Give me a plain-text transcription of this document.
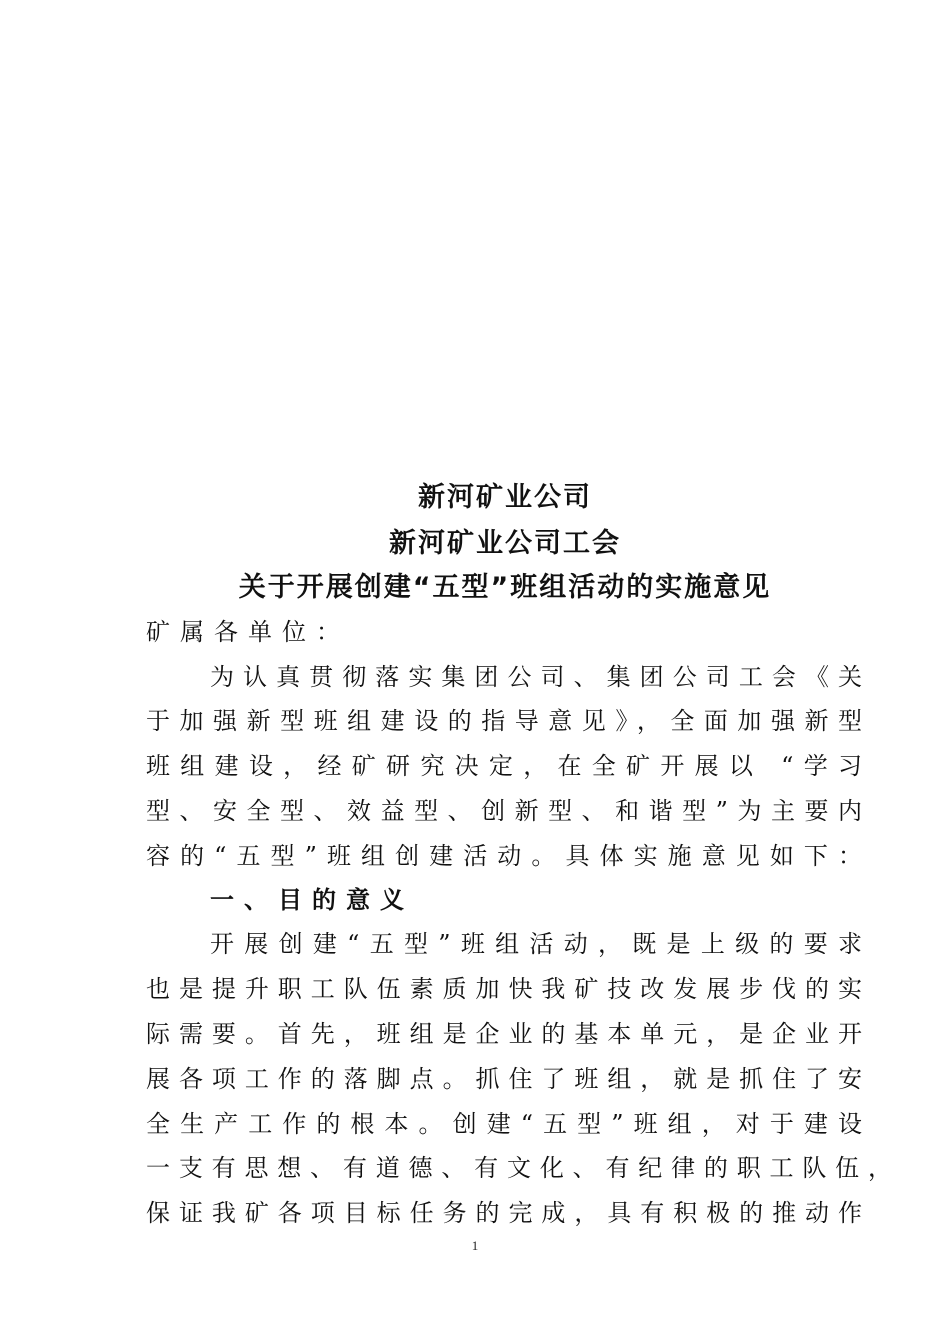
新河矿业公司
新河矿业公司工会
关于开展创建“五型”班组活动的实施意见
矿属各单位：
为认真贯彻落实集团公司、集团公司工会《关
于加强新型班组建设的指导意见》，全面加强新型
班组建设，经矿研究决定，在全矿开展以 “学习
型、安全型、效益型、创新型、和谐型”为主要内
容的“五型”班组创建活动。具体实施意见如下：
一、目的意义
开展创建“五型”班组活动，既是上级的要求
也是提升职工队伍素质加快我矿技改发展步伐的实
际需要。首先，班组是企业的基本单元，是企业开
展各项工作的落脚点。抓住了班组，就是抓住了安
全生产工作的根本。创建“五型”班组，对于建设
一支有思想、有道德、有文化、有纪律的职工队伍，
保证我矿各项目标任务的完成，具有积极的推动作
1
